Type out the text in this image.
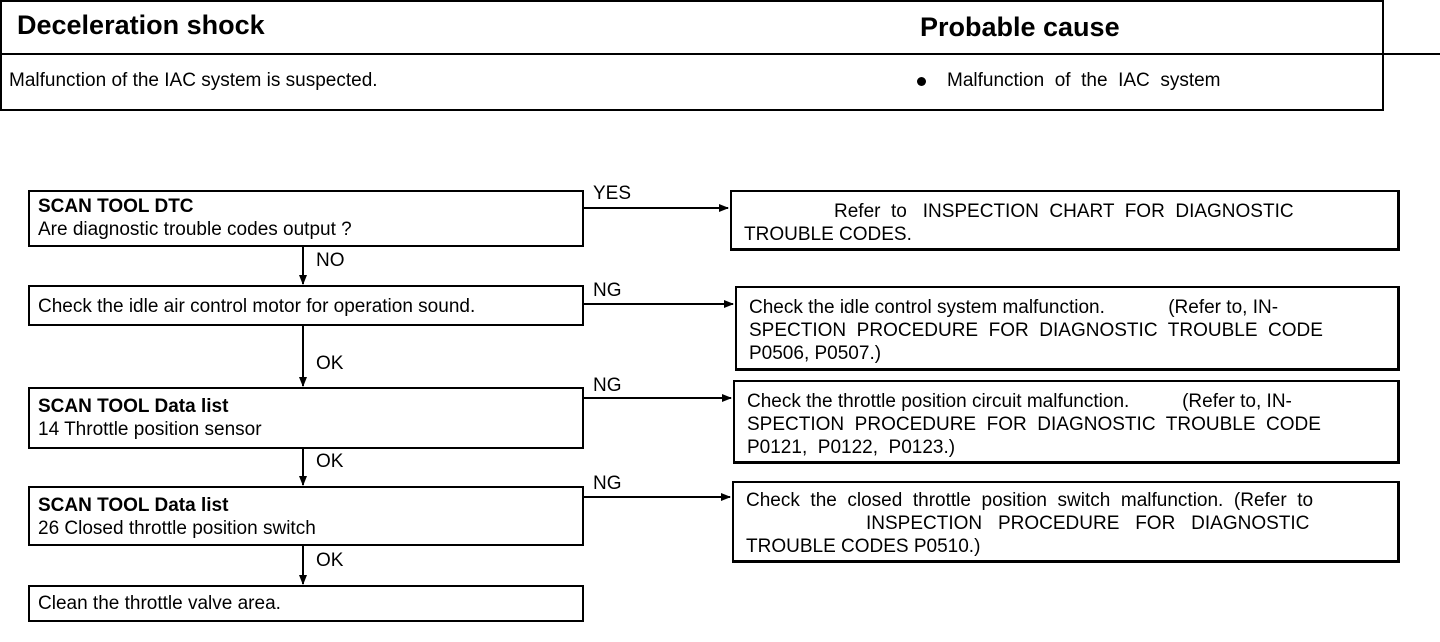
Deceleration shock	Probable cause
Malfunction of the IAC system is suspected.	Malfunction  of  the  IAC  system
SCAN TOOL DTC
Are diagnostic trouble codes output ?
Check the idle air control motor for operation sound.
SCAN TOOL Data list
14 Throttle position sensor
SCAN TOOL Data list
26 Closed throttle position switch
Clean the throttle valve area.
NO
OK
OK
OK
YES
NG
NG
NG
Refer  to   INSPECTION  CHART  FOR  DIAGNOSTIC
TROUBLE CODES.
Check the idle control system malfunction.            (Refer to, IN-
SPECTION  PROCEDURE  FOR  DIAGNOSTIC  TROUBLE  CODE
P0506, P0507.)
Check the throttle position circuit malfunction.          (Refer to, IN-
SPECTION  PROCEDURE  FOR  DIAGNOSTIC  TROUBLE  CODE
P0121,  P0122,  P0123.)
Check  the  closed  throttle  position  switch  malfunction.  (Refer  to
INSPECTION   PROCEDURE   FOR   DIAGNOSTIC
TROUBLE CODES P0510.)
